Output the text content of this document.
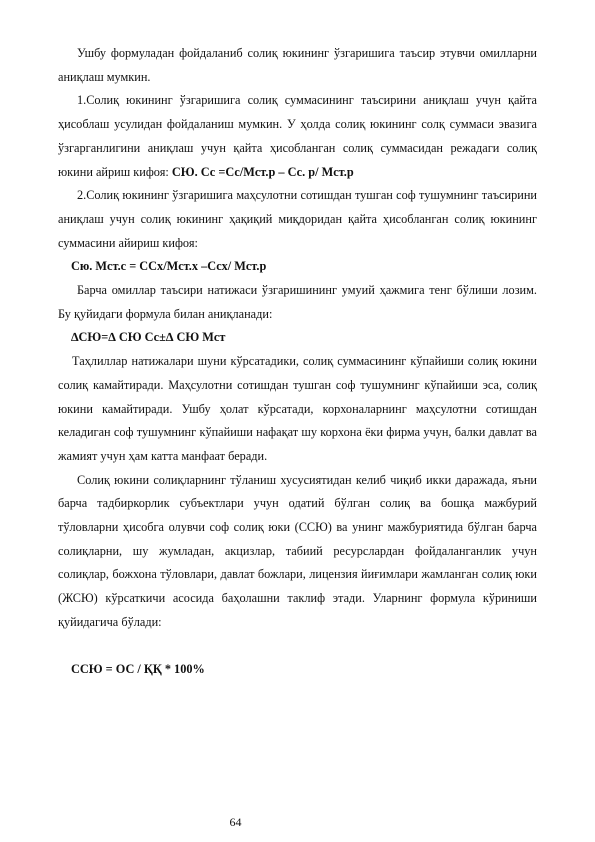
Ушбу формуладан фойдаланиб солиқ юкининг ўзгаришига таъсир этувчи омилларни аниқлаш мумкин.

1.Солиқ юкининг ўзгаришига солиқ суммасининг таъсирини аниқлаш учун қайта ҳисоблаш усулидан фойдаланиш мумкин. У ҳолда солиқ юкининг солқ суммаси эвазига ўзгарганлигини аниқлаш учун қайта ҳисобланган солиқ суммасидан режадаги солиқ юкини айриш кифоя: СЮ. Сс =Сс/Мст.р – Сс. р/ Мст.р

2.Солиқ юкининг ўзгаришига маҳсулотни сотишдан тушган соф тушумнинг таъсирини аниқлаш учун солиқ юкининг ҳақиқий миқдоридан қайта ҳисобланган солиқ юкининг суммасини айириш кифоя:

Сю. Мст.с = ССх/Мст.х –Ссх/ Мст.р

Барча омиллар таъсири натижаси ўзгаришининг умуий ҳажмига тенг бўлиши лозим. Бу қуйидаги формула билан аниқланади:

∆СЮ=∆ СЮ Сс±∆ СЮ Мст

Таҳлиллар натижалари шуни кўрсатадики, солиқ суммасининг кўпайиши солиқ юкини солиқ камайтиради. Маҳсулотни сотишдан тушган соф тушумнинг кўпайиши эса, солиқ юкини камайтиради. Ушбу ҳолат кўрсатади, корхоналарнинг маҳсулотни сотишдан келадиган соф тушумнинг кўпайиши нафақат шу корхона ёки фирма учун, балки давлат ва жамият учун ҳам катта манфаат беради.

Солиқ юкини солиқларнинг тўланиш хусусиятидан келиб чиқиб икки даражада, яъни барча тадбиркорлик субъектлари учун одатий бўлган солиқ ва бошқа мажбурий тўловларни ҳисобга олувчи соф солиқ юки (ССЮ) ва унинг мажбуриятида бўлган барча солиқларни, шу жумладан, акцизлар, табиий ресурслардан фойдаланганлик учун солиқлар, божхона тўловлари, давлат божлари, лицензия йиғимлари жамланган солиқ юки (ЖСЮ) кўрсаткичи асосида баҳолашни таклиф этади. Уларнинг формула кўриниши қуйидагича бўлади:

ССЮ = ОС / ҚҚ * 100%

64
